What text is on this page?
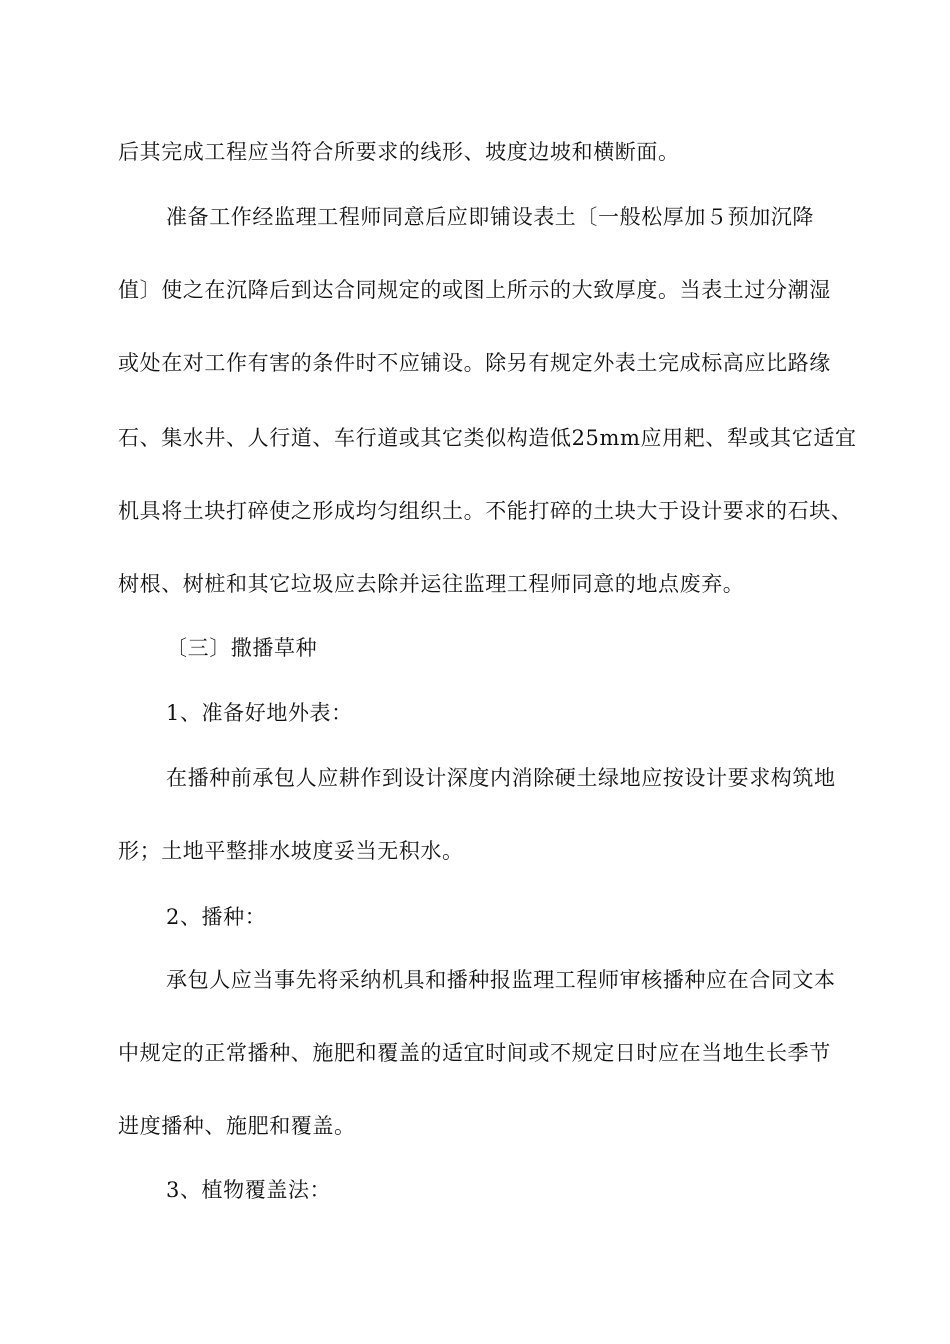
后其完成工程应当符合所要求的线形、坡度边坡和横断面。
准备工作经监理工程师同意后应即铺设表土〔一般松厚加５预加沉降
值〕使之在沉降后到达合同规定的或图上所示的大致厚度。当表土过分潮湿
或处在对工作有害的条件时不应铺设。除另有规定外表土完成标高应比路缘
石、集水井、人行道、车行道或其它类似构造低25mm应用耙、犁或其它适宜
机具将土块打碎使之形成均匀组织土。不能打碎的土块大于设计要求的石块、
树根、树桩和其它垃圾应去除并运往监理工程师同意的地点废弃。
〔三〕撒播草种
1、准备好地外表：
在播种前承包人应耕作到设计深度内消除硬土绿地应按设计要求构筑地
形；土地平整排水坡度妥当无积水。
2、播种：
承包人应当事先将采纳机具和播种报监理工程师审核播种应在合同文本
中规定的正常播种、施肥和覆盖的适宜时间或不规定日时应在当地生长季节
进度播种、施肥和覆盖。
3、植物覆盖法：
